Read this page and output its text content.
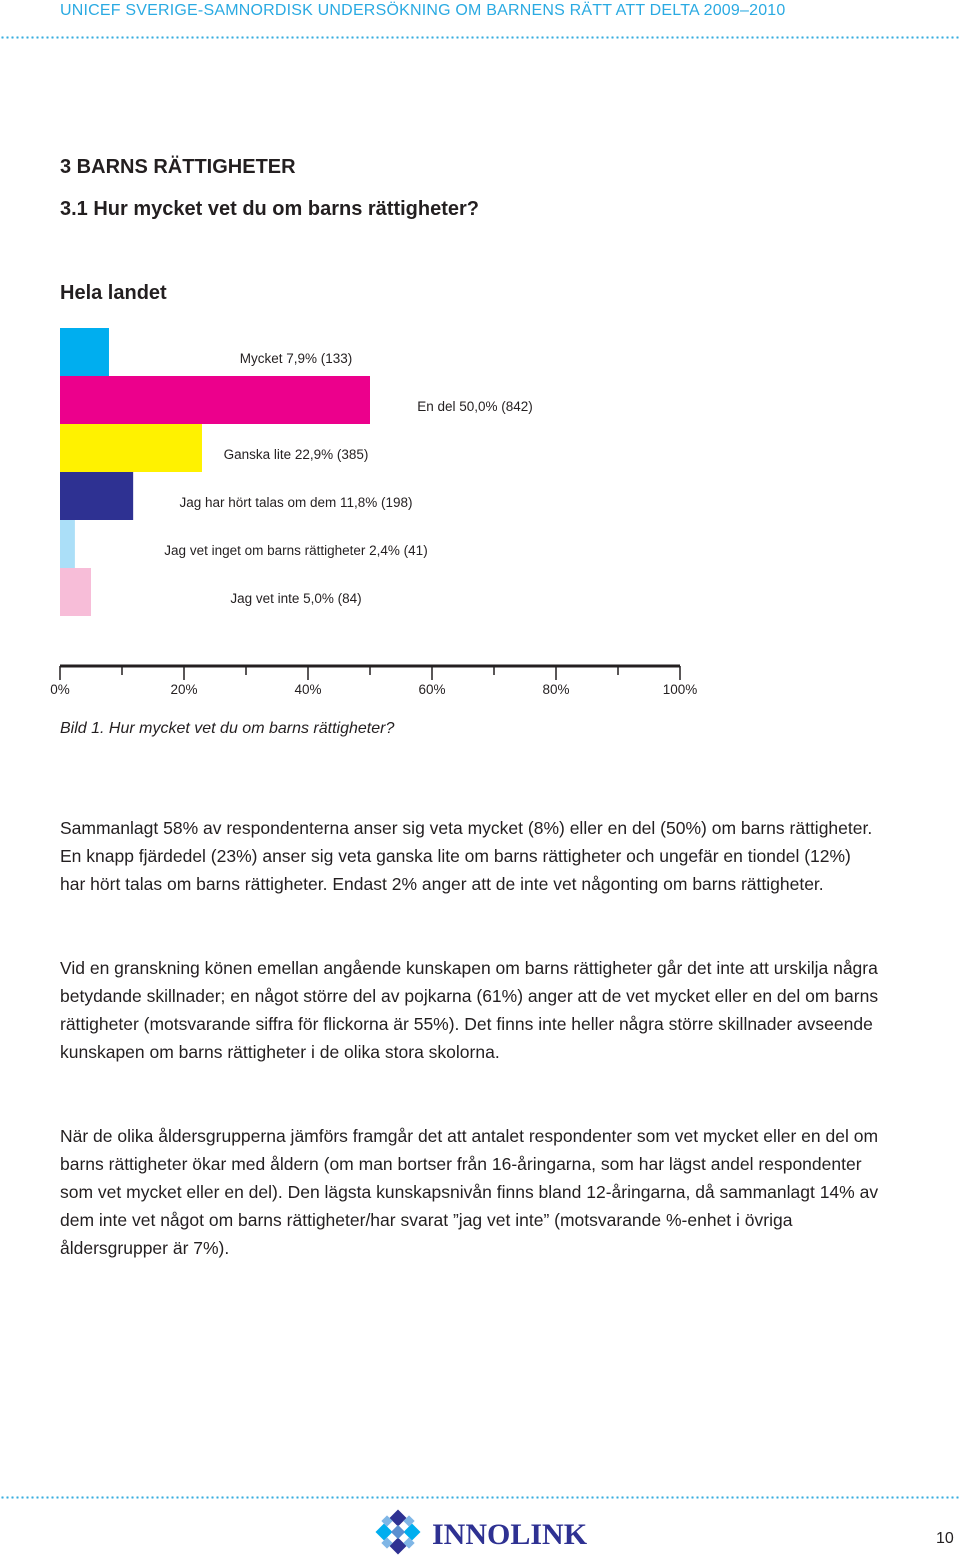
UNICEF SVERIGE-SAMNORDISK UNDERSÖKNING OM BARNENS RÄTT ATT DELTA 2009–2010
3 BARNS RÄTTIGHETER
3.1 Hur mycket vet du om barns rättigheter?
Hela landet
Mycket 7,9% (133)
En del 50,0% (842)
Ganska lite 22,9% (385)
Jag har hört talas om dem 11,8% (198)
Jag vet inget om barns rättigheter 2,4% (41)
Jag vet inte 5,0% (84)
0%	20%	40%	60%	80%	100%
Bild 1. Hur mycket vet du om barns rättigheter?

Sammanlagt 58% av respondenterna anser sig veta mycket (8%) eller en del (50%) om barns rättigheter. En knapp fjärdedel (23%) anser sig veta ganska lite om barns rättigheter och ungefär en tiondel (12%) har hört talas om barns rättigheter. Endast 2% anger att de inte vet någonting om barns rättigheter.

Vid en granskning könen emellan angående kunskapen om barns rättigheter går det inte att urskilja några betydande skillnader; en något större del av pojkarna (61%) anger att de vet mycket eller en del om barns rättigheter (motsvarande siffra för flickorna är 55%). Det finns inte heller några större skillnader avseende kunskapen om barns rättigheter i de olika stora skolorna.

När de olika åldersgrupperna jämförs framgår det att antalet respondenter som vet mycket eller en del om barns rättigheter ökar med åldern (om man bortser från 16-åringarna, som har lägst andel respondenter som vet mycket eller en del). Den lägsta kunskapsnivån finns bland 12-åringarna, då sammanlagt 14% av dem inte vet något om barns rättigheter/har svarat ”jag vet inte” (motsvarande %-enhet i övriga åldersgrupper är 7%).

INNOLINK	10
